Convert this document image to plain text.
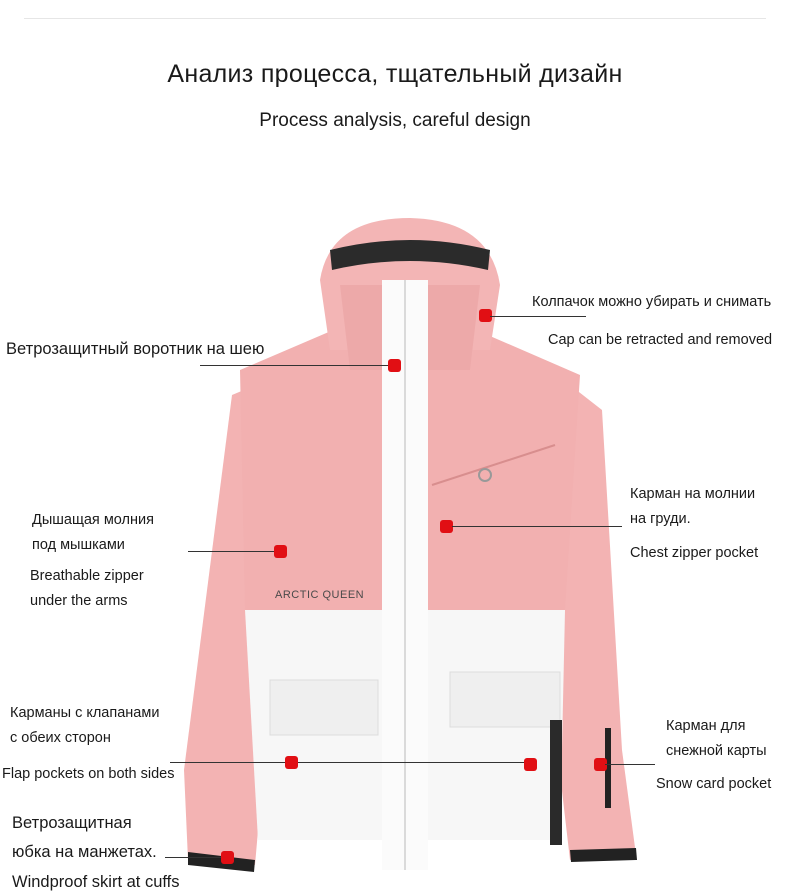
Анализ процесса, тщательный дизайн
Process analysis, careful design
ARCTIC QUEEN
Ветрозащитный воротник на шею
Колпачок можно убирать и снимать
Cap can be retracted and removed
Карман на молнии
на груди.
Chest zipper pocket
Дышащая молния
под мышками
Breathable zipper
under the arms
Карманы с клапанами
с обеих сторон
Flap pockets on both sides
Карман для
снежной карты
Snow card pocket
Ветрозащитная
юбка на манжетах.
Windproof skirt at cuffs
